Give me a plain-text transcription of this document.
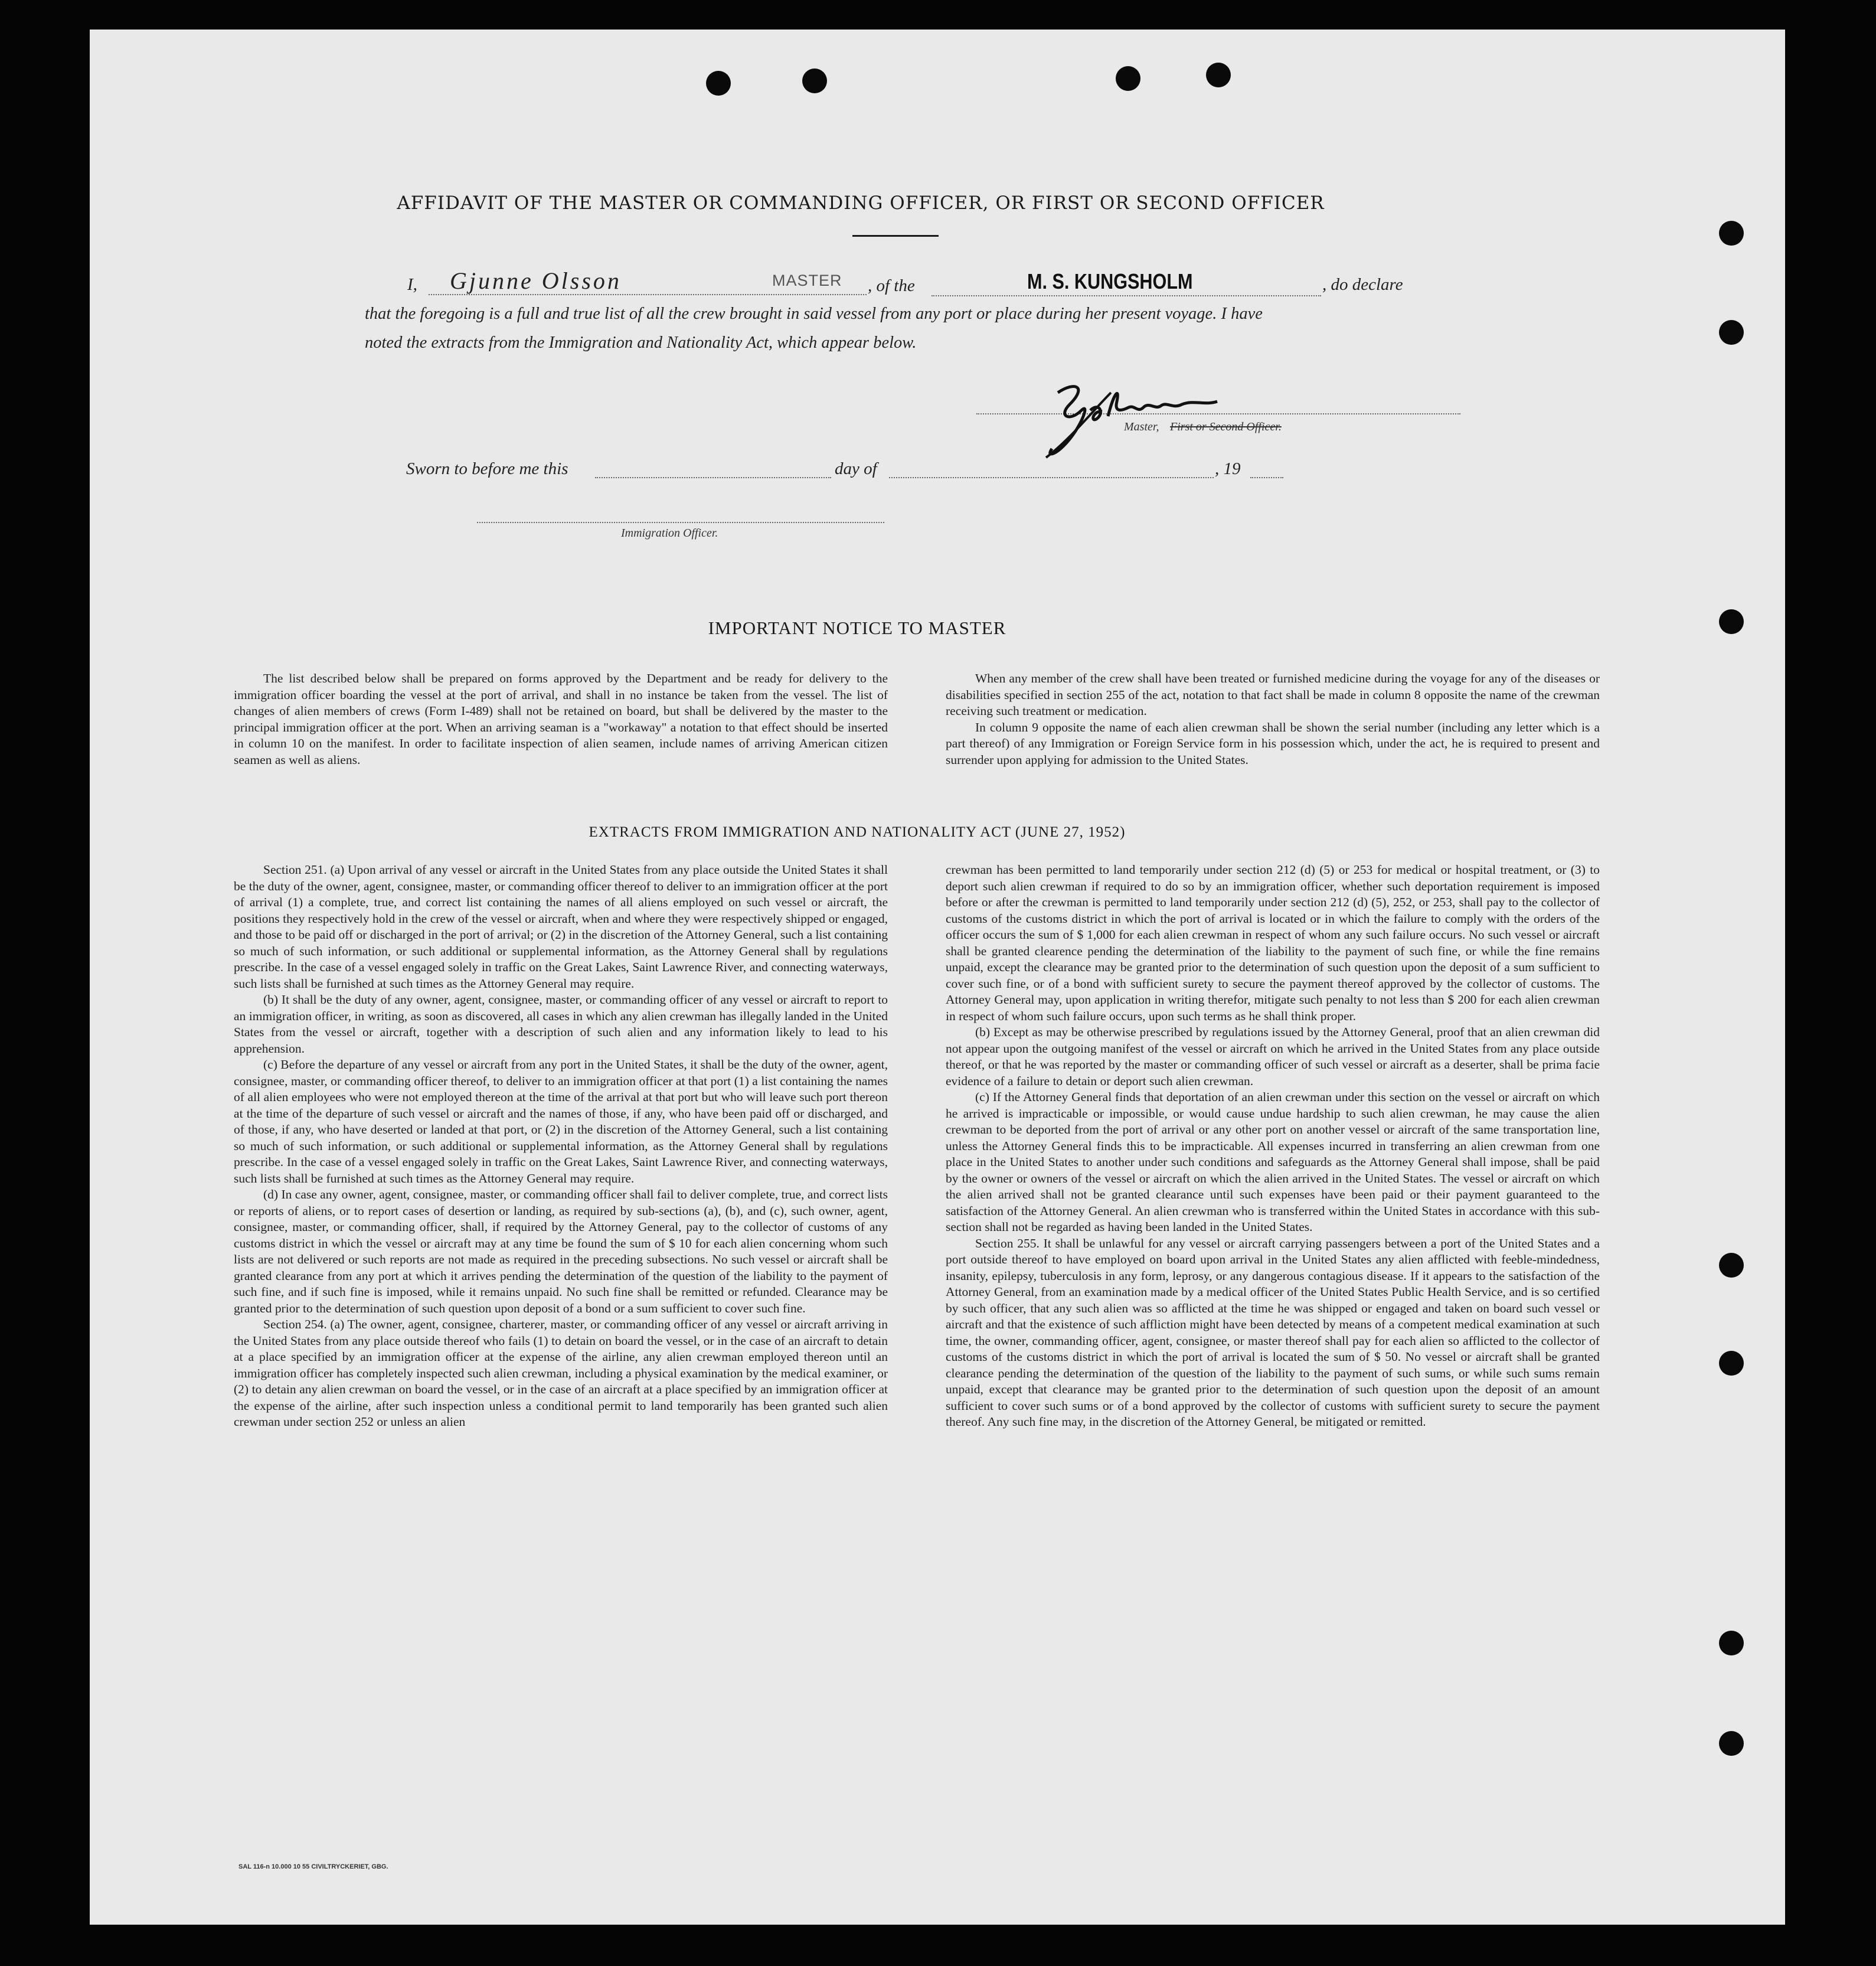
AFFIDAVIT OF THE MASTER OR COMMANDING OFFICER, OR FIRST OR SECOND OFFICER
I, Gjunne Olsson	MASTER , of the	M. S. KUNGSHOLM	, do declare
that the foregoing is a full and true list of all the crew brought in said vessel from any port or place during her present voyage. I have
noted the extracts from the Immigration and Nationality Act, which appear below.
Master, First or Second Officer.
Sworn to before me this	day of	, 19
Immigration Officer.
IMPORTANT NOTICE TO MASTER

The list described below shall be prepared on forms approved by the Department and be ready for delivery to the immigration officer boarding the vessel at the port of arrival, and shall in no instance be taken from the vessel. The list of changes of alien members of crews (Form I-489) shall not be retained on board, but shall be delivered by the master to the principal immigration officer at the port. When an arriving seaman is a "workaway" a notation to that effect should be inserted in column 10 on the manifest. In order to facilitate inspection of alien seamen, include names of arriving American citizen seamen as well as aliens.

When any member of the crew shall have been treated or furnished medicine during the voyage for any of the diseases or disabilities specified in section 255 of the act, notation to that fact shall be made in column 8 opposite the name of the crewman receiving such treatment or medication.

In column 9 opposite the name of each alien crewman shall be shown the serial number (including any letter which is a part thereof) of any Immigration or Foreign Service form in his possession which, under the act, he is required to present and surrender upon applying for admission to the United States.

EXTRACTS FROM IMMIGRATION AND NATIONALITY ACT (JUNE 27, 1952)

Section 251. (a) Upon arrival of any vessel or aircraft in the United States from any place outside the United States it shall be the duty of the owner, agent, consignee, master, or commanding officer thereof to deliver to an immigration officer at the port of arrival (1) a complete, true, and correct list containing the names of all aliens employed on such vessel or aircraft, the positions they respectively hold in the crew of the vessel or aircraft, when and where they were respectively shipped or engaged, and those to be paid off or discharged in the port of arrival; or (2) in the discretion of the Attorney General, such a list containing so much of such information, or such additional or supplemental information, as the Attorney General shall by regulations prescribe. In the case of a vessel engaged solely in traffic on the Great Lakes, Saint Lawrence River, and connecting waterways, such lists shall be furnished at such times as the Attorney General may require.

(b) It shall be the duty of any owner, agent, consignee, master, or commanding officer of any vessel or aircraft to report to an immigration officer, in writing, as soon as discovered, all cases in which any alien crewman has illegally landed in the United States from the vessel or aircraft, together with a description of such alien and any information likely to lead to his apprehension.

(c) Before the departure of any vessel or aircraft from any port in the United States, it shall be the duty of the owner, agent, consignee, master, or commanding officer thereof, to deliver to an immigration officer at that port (1) a list containing the names of all alien employees who were not employed thereon at the time of the arrival at that port but who will leave such port thereon at the time of the departure of such vessel or aircraft and the names of those, if any, who have been paid off or discharged, and of those, if any, who have deserted or landed at that port, or (2) in the discretion of the Attorney General, such a list containing so much of such information, or such additional or supplemental information, as the Attorney General shall by regulations prescribe. In the case of a vessel engaged solely in traffic on the Great Lakes, Saint Lawrence River, and connecting waterways, such lists shall be furnished at such times as the Attorney General may require.

(d) In case any owner, agent, consignee, master, or commanding officer shall fail to deliver complete, true, and correct lists or reports of aliens, or to report cases of desertion or landing, as required by sub-sections (a), (b), and (c), such owner, agent, consignee, master, or commanding officer, shall, if required by the Attorney General, pay to the collector of customs of any customs district in which the vessel or aircraft may at any time be found the sum of $ 10 for each alien concerning whom such lists are not delivered or such reports are not made as required in the preceding subsections. No such vessel or aircraft shall be granted clearance from any port at which it arrives pending the determination of the question of the liability to the payment of such fine, and if such fine is imposed, while it remains unpaid. No such fine shall be remitted or refunded. Clearance may be granted prior to the determination of such question upon deposit of a bond or a sum sufficient to cover such fine.

Section 254. (a) The owner, agent, consignee, charterer, master, or commanding officer of any vessel or aircraft arriving in the United States from any place outside thereof who fails (1) to detain on board the vessel, or in the case of an aircraft to detain at a place specified by an immigration officer at the expense of the airline, any alien crewman employed thereon until an immigration officer has completely inspected such alien crewman, including a physical examination by the medical examiner, or (2) to detain any alien crewman on board the vessel, or in the case of an aircraft at a place specified by an immigration officer at the expense of the airline, after such inspection unless a conditional permit to land temporarily has been granted such alien crewman under section 252 or unless an alien

crewman has been permitted to land temporarily under section 212 (d) (5) or 253 for medical or hospital treatment, or (3) to deport such alien crewman if required to do so by an immigration officer, whether such deportation requirement is imposed before or after the crewman is permitted to land temporarily under section 212 (d) (5), 252, or 253, shall pay to the collector of customs of the customs district in which the port of arrival is located or in which the failure to comply with the orders of the officer occurs the sum of $ 1,000 for each alien crewman in respect of whom any such failure occurs. No such vessel or aircraft shall be granted clearence pending the determination of the liability to the payment of such fine, or while the fine remains unpaid, except the clearance may be granted prior to the determination of such question upon the deposit of a sum sufficient to cover such fine, or of a bond with sufficient surety to secure the payment thereof approved by the collector of customs. The Attorney General may, upon application in writing therefor, mitigate such penalty to not less than $ 200 for each alien crewman in respect of whom such failure occurs, upon such terms as he shall think proper.

(b) Except as may be otherwise prescribed by regulations issued by the Attorney General, proof that an alien crewman did not appear upon the outgoing manifest of the vessel or aircraft on which he arrived in the United States from any place outside thereof, or that he was reported by the master or commanding officer of such vessel or aircraft as a deserter, shall be prima facie evidence of a failure to detain or deport such alien crewman.

(c) If the Attorney General finds that deportation of an alien crewman under this section on the vessel or aircraft on which he arrived is impracticable or impossible, or would cause undue hardship to such alien crewman, he may cause the alien crewman to be deported from the port of arrival or any other port on another vessel or aircraft of the same transportation line, unless the Attorney General finds this to be impracticable. All expenses incurred in transferring an alien crewman from one place in the United States to another under such conditions and safeguards as the Attorney General shall impose, shall be paid by the owner or owners of the vessel or aircraft on which the alien arrived in the United States. The vessel or aircraft on which the alien arrived shall not be granted clearance until such expenses have been paid or their payment guaranteed to the satisfaction of the Attorney General. An alien crewman who is transferred within the United States in accordance with this sub-section shall not be regarded as having been landed in the United States.

Section 255. It shall be unlawful for any vessel or aircraft carrying passengers between a port of the United States and a port outside thereof to have employed on board upon arrival in the United States any alien afflicted with feeble-mindedness, insanity, epilepsy, tuberculosis in any form, leprosy, or any dangerous contagious disease. If it appears to the satisfaction of the Attorney General, from an examination made by a medical officer of the United States Public Health Service, and is so certified by such officer, that any such alien was so afflicted at the time he was shipped or engaged and taken on board such vessel or aircraft and that the existence of such affliction might have been detected by means of a competent medical examination at such time, the owner, commanding officer, agent, consignee, or master thereof shall pay for each alien so afflicted to the collector of customs of the customs district in which the port of arrival is located the sum of $ 50. No vessel or aircraft shall be granted clearance pending the determination of the question of the liability to the payment of such sums, or while such sums remain unpaid, except that clearance may be granted prior to the determination of such question upon the deposit of an amount sufficient to cover such sums or of a bond approved by the collector of customs with sufficient surety to secure the payment thereof. Any such fine may, in the discretion of the Attorney General, be mitigated or remitted.

SAL 116-n 10.000 10 55 CIVILTRYCKERIET, GBG.
